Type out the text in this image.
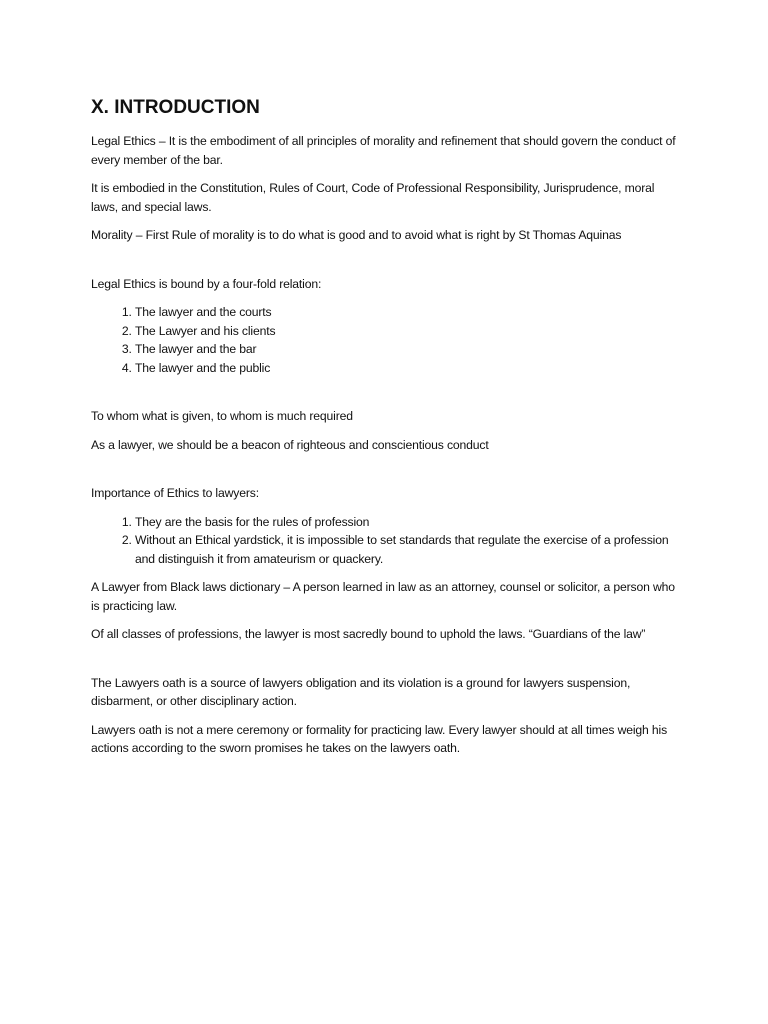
X. INTRODUCTION

Legal Ethics – It is the embodiment of all principles of morality and refinement that should govern the conduct of every member of the bar.

It is embodied in the Constitution, Rules of Court, Code of Professional Responsibility, Jurisprudence, moral laws, and special laws.

Morality – First Rule of morality is to do what is good and to avoid what is right by St Thomas Aquinas

Legal Ethics is bound by a four-fold relation:

1. The lawyer and the courts
2. The Lawyer and his clients
3. The lawyer and the bar
4. The lawyer and the public

To whom what is given, to whom is much required

As a lawyer, we should be a beacon of righteous and conscientious conduct

Importance of Ethics to lawyers:

1. They are the basis for the rules of profession
2. Without an Ethical yardstick, it is impossible to set standards that regulate the exercise of a profession and distinguish it from amateurism or quackery.

A Lawyer from Black laws dictionary – A person learned in law as an attorney, counsel or solicitor, a person who is practicing law.

Of all classes of professions, the lawyer is most sacredly bound to uphold the laws. “Guardians of the law”

The Lawyers oath is a source of lawyers obligation and its violation is a ground for lawyers suspension, disbarment, or other disciplinary action.

Lawyers oath is not a mere ceremony or formality for practicing law. Every lawyer should at all times weigh his actions according to the sworn promises he takes on the lawyers oath.
